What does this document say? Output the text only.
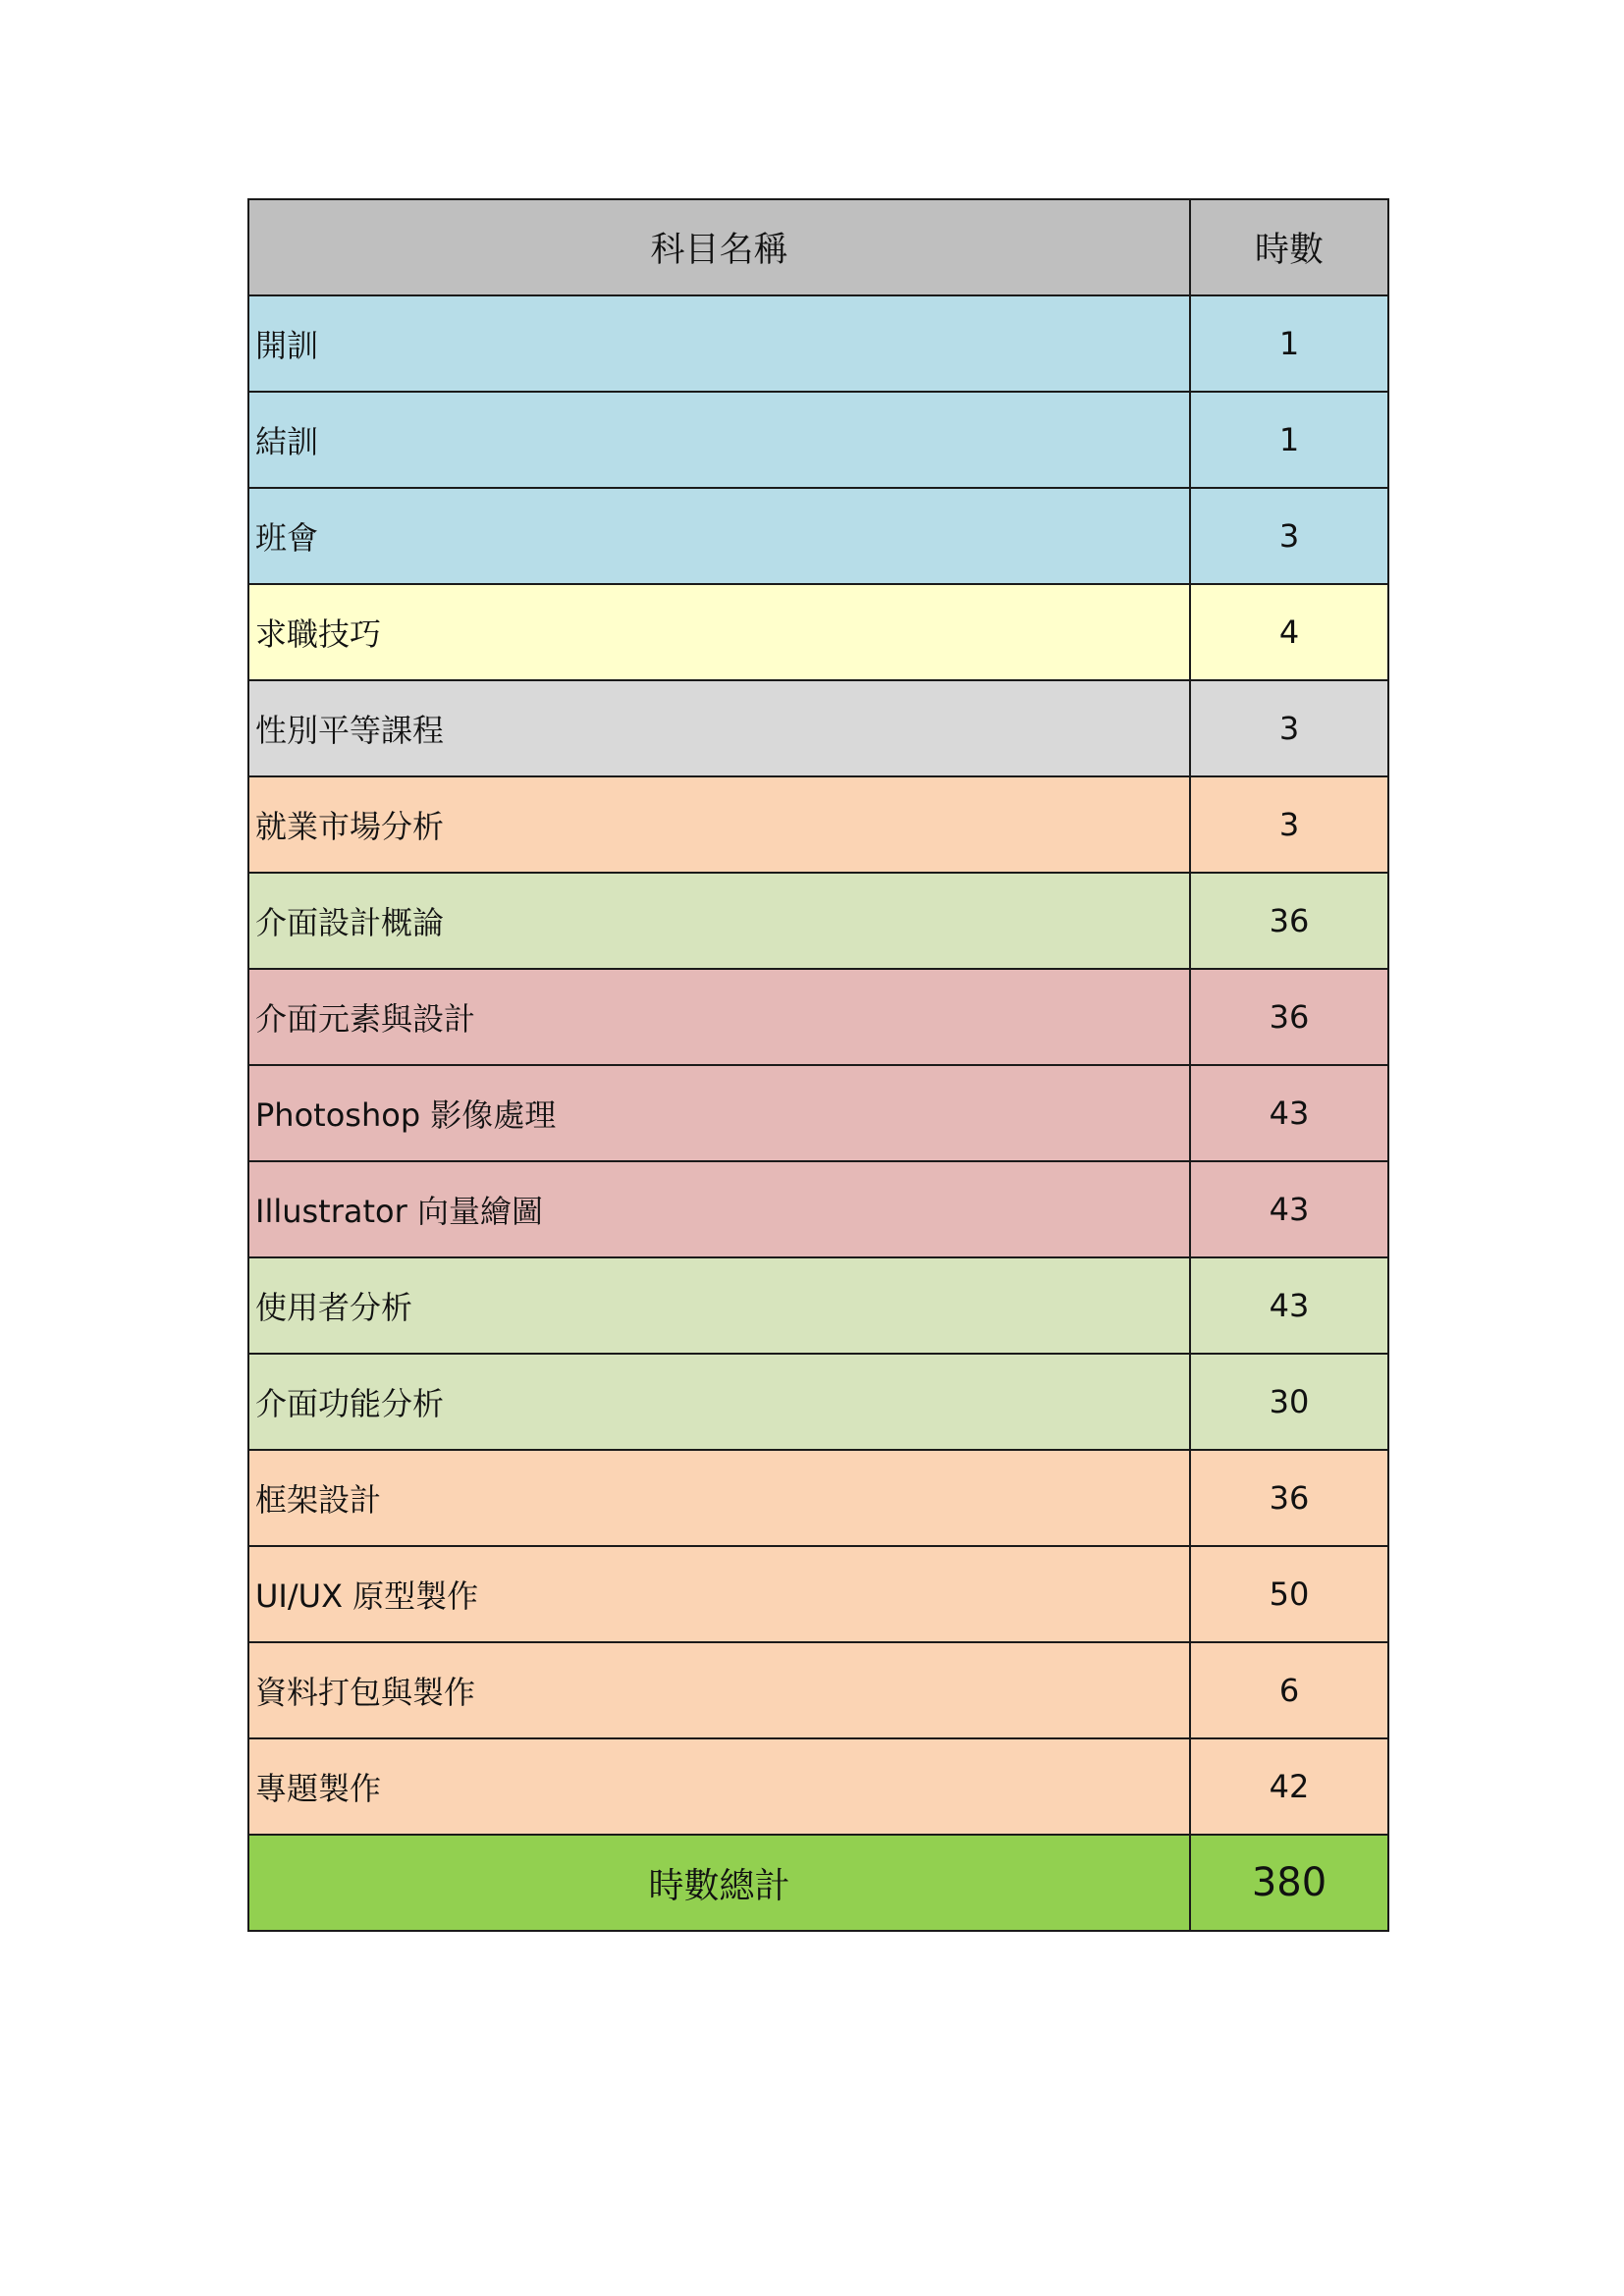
科目名稱	時數
開訓	1
結訓	1
班會	3
求職技巧	4
性別平等課程	3
就業市場分析	3
介面設計概論	36
介面元素與設計	36
Photoshop 影像處理	43
Illustrator 向量繪圖	43
使用者分析	43
介面功能分析	30
框架設計	36
UI/UX 原型製作	50
資料打包與製作	6
專題製作	42
時數總計	380
